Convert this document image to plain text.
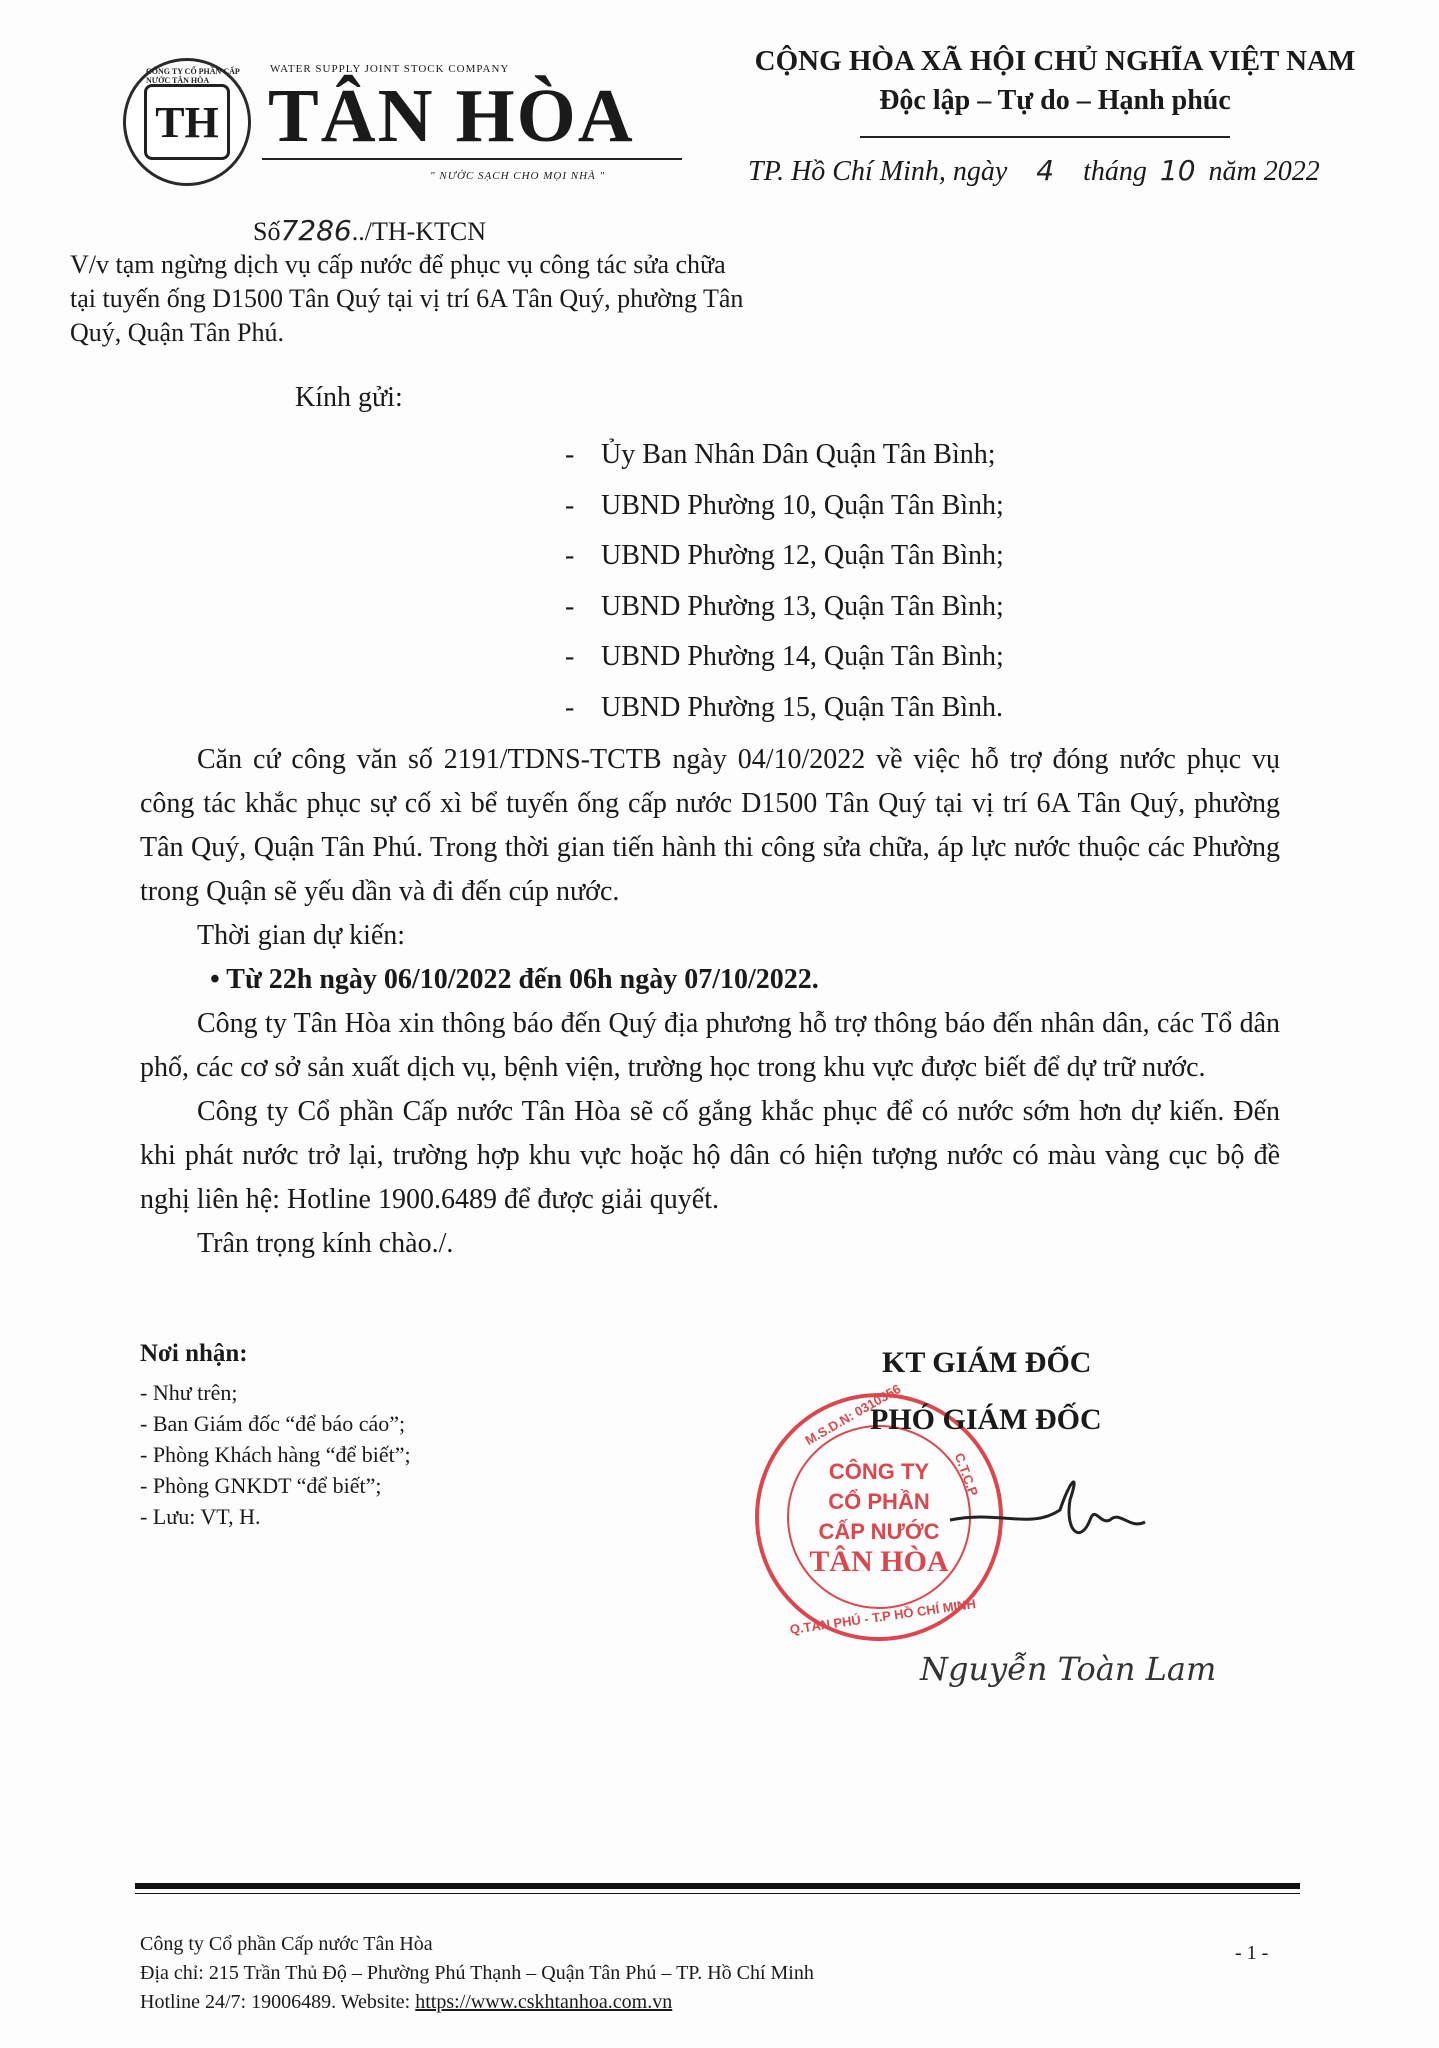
CÔNG TY CỔ PHẦN CẤP NƯỚC TÂN HÒA
TH
WATER SUPPLY JOINT STOCK COMPANY
TÂN HÒA
" NƯỚC SẠCH CHO MỌI NHÀ "
CỘNG HÒA XÃ HỘI CHỦ NGHĨA VIỆT NAM
Độc lập – Tự do – Hạnh phúc
TP. Hồ Chí Minh, ngày 4 tháng 10 năm 2022
Số7286../TH-KTCN
V/v tạm ngừng dịch vụ cấp nước để phục vụ công tác sửa chữa tại tuyến ống D1500 Tân Quý tại vị trí 6A Tân Quý, phường Tân Quý, Quận Tân Phú.
Kính gửi:
- Ủy Ban Nhân Dân Quận Tân Bình;
- UBND Phường 10, Quận Tân Bình;
- UBND Phường 12, Quận Tân Bình;
- UBND Phường 13, Quận Tân Bình;
- UBND Phường 14, Quận Tân Bình;
- UBND Phường 15, Quận Tân Bình.
Căn cứ công văn số 2191/TDNS-TCTB ngày 04/10/2022 về việc hỗ trợ đóng nước phục vụ công tác khắc phục sự cố xì bể tuyến ống cấp nước D1500 Tân Quý tại vị trí 6A Tân Quý, phường Tân Quý, Quận Tân Phú. Trong thời gian tiến hành thi công sửa chữa, áp lực nước thuộc các Phường trong Quận sẽ yếu dần và đi đến cúp nước.
Thời gian dự kiến:
• Từ 22h ngày 06/10/2022 đến 06h ngày 07/10/2022.
Công ty Tân Hòa xin thông báo đến Quý địa phương hỗ trợ thông báo đến nhân dân, các Tổ dân phố, các cơ sở sản xuất dịch vụ, bệnh viện, trường học trong khu vực được biết để dự trữ nước.
Công ty Cổ phần Cấp nước Tân Hòa sẽ cố gắng khắc phục để có nước sớm hơn dự kiến. Đến khi phát nước trở lại, trường hợp khu vực hoặc hộ dân có hiện tượng nước có màu vàng cục bộ đề nghị liên hệ: Hotline 1900.6489 để được giải quyết.
Trân trọng kính chào./.
Nơi nhận:
- Như trên;
- Ban Giám đốc “để báo cáo”;
- Phòng Khách hàng “để biết”;
- Phòng GNKDT “để biết”;
- Lưu: VT, H.
M.S.D.N: 0310356
C.T.C.P
Q.TÂN PHÚ - T.P HỒ CHÍ MINH
CÔNG TY
CỔ PHẦN
CẤP NƯỚC
TÂN HÒA
KT GIÁM ĐỐC
PHÓ GIÁM ĐỐC
Nguyễn Toàn Lam
Công ty Cổ phần Cấp nước Tân Hòa
Địa chỉ: 215 Trần Thủ Độ – Phường Phú Thạnh – Quận Tân Phú – TP. Hồ Chí Minh
Hotline 24/7: 19006489. Website: https://www.cskhtanhoa.com.vn
- 1 -
